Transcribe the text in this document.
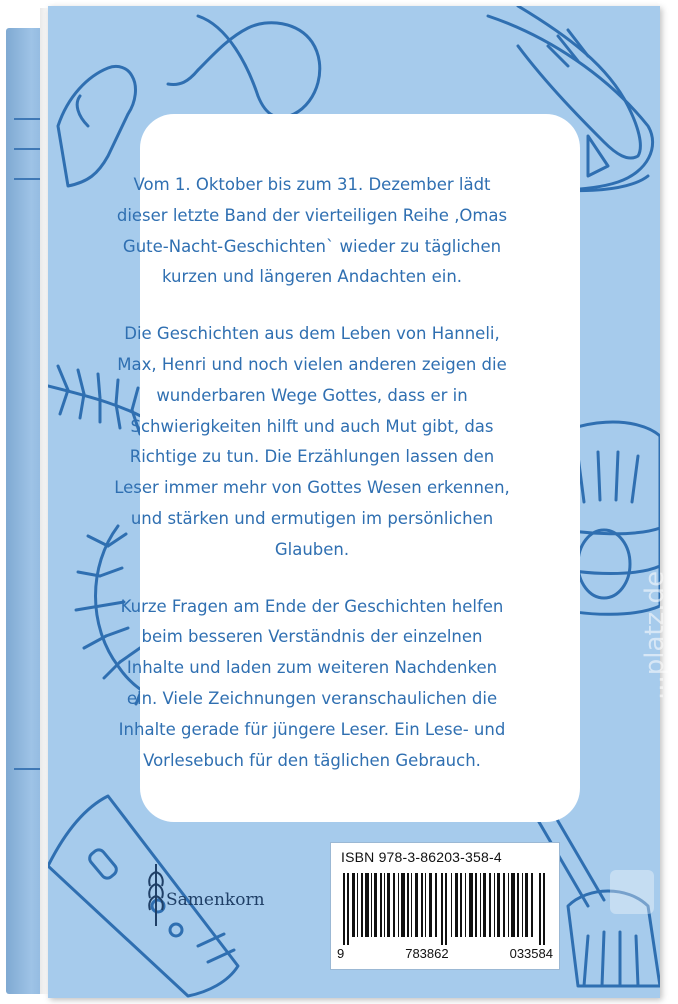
Vom 1. Oktober bis zum 31. Dezember lädt dieser letzte Band der vierteiligen Reihe ‚Omas Gute-Nacht-Geschichten` wieder zu täglichen kurzen und längeren Andachten ein.

Die Geschichten aus dem Leben von Hanneli, Max, Henri und noch vielen anderen zeigen die wunderbaren Wege Gottes, dass er in Schwierigkeiten hilft und auch Mut gibt, das Richtige zu tun. Die Erzählungen lassen den Leser immer mehr von Gottes Wesen erkennen, und stärken und ermutigen im persönlichen Glauben.

Kurze Fragen am Ende der Geschichten helfen beim besseren Verständnis der einzelnen Inhalte und laden zum weiteren Nachdenken ein. Viele Zeichnungen veranschaulichen die Inhalte gerade für jüngere Leser. Ein Lese- und Vorlesebuch für den täglichen Gebrauch.

Samenkorn
ISBN 978-3-86203-358-4
9	783862	033584
...platz.de
